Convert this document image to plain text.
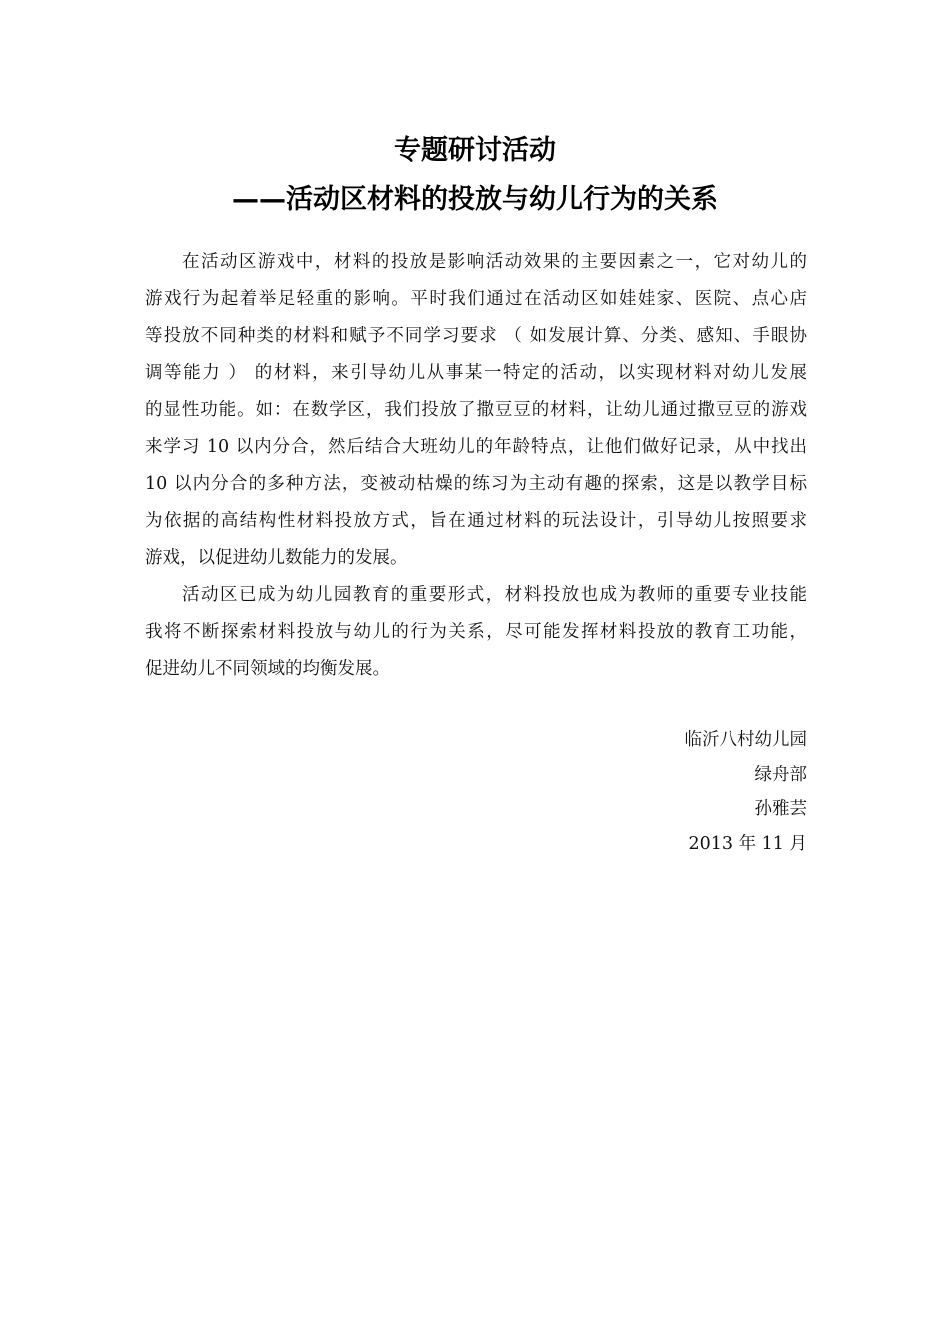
专题研讨活动
——活动区材料的投放与幼儿行为的关系
在活动区游戏中，材料的投放是影响活动效果的主要因素之一，它对幼儿的
游戏行为起着举足轻重的影响。平时我们通过在活动区如娃娃家、医院、点心店
等投放不同种类的材料和赋予不同学习要求 （ 如发展计算、分类、感知、手眼协
调等能力 ） 的材料，来引导幼儿从事某一特定的活动，以实现材料对幼儿发展
的显性功能。如：在数学区，我们投放了撒豆豆的材料，让幼儿通过撒豆豆的游戏
来学习 10 以内分合，然后结合大班幼儿的年龄特点，让他们做好记录，从中找出
10 以内分合的多种方法，变被动枯燥的练习为主动有趣的探索，这是以教学目标
为依据的高结构性材料投放方式，旨在通过材料的玩法设计，引导幼儿按照要求
游戏，以促进幼儿数能力的发展。
活动区已成为幼儿园教育的重要形式，材料投放也成为教师的重要专业技能
我将不断探索材料投放与幼儿的行为关系，尽可能发挥材料投放的教育工功能，
促进幼儿不同领域的均衡发展。
临沂八村幼儿园
绿舟部
孙雅芸
2013 年 11 月
